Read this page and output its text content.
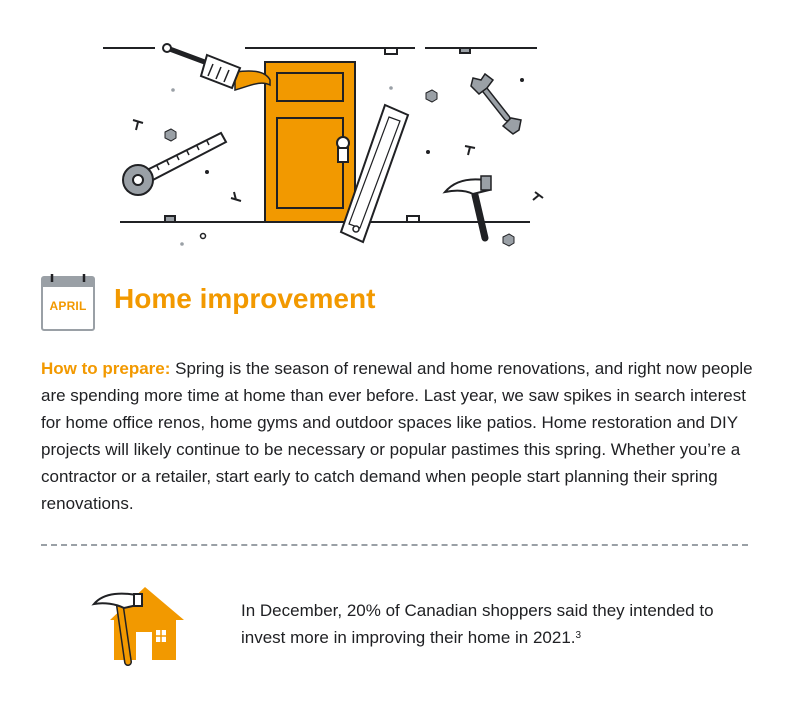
APRIL Home improvement

How to prepare: Spring is the season of renewal and home renovations, and right now people are spending more time at home than ever before. Last year, we saw spikes in search interest for home office renos, home gyms and outdoor spaces like patios. Home restoration and DIY projects will likely continue to be necessary or popular pastimes this spring. Whether you’re a contractor or a retailer, start early to catch demand when people start planning their spring renovations.

In December, 20% of Canadian shoppers said they intended to invest more in improving their home in 2021.$^3$
